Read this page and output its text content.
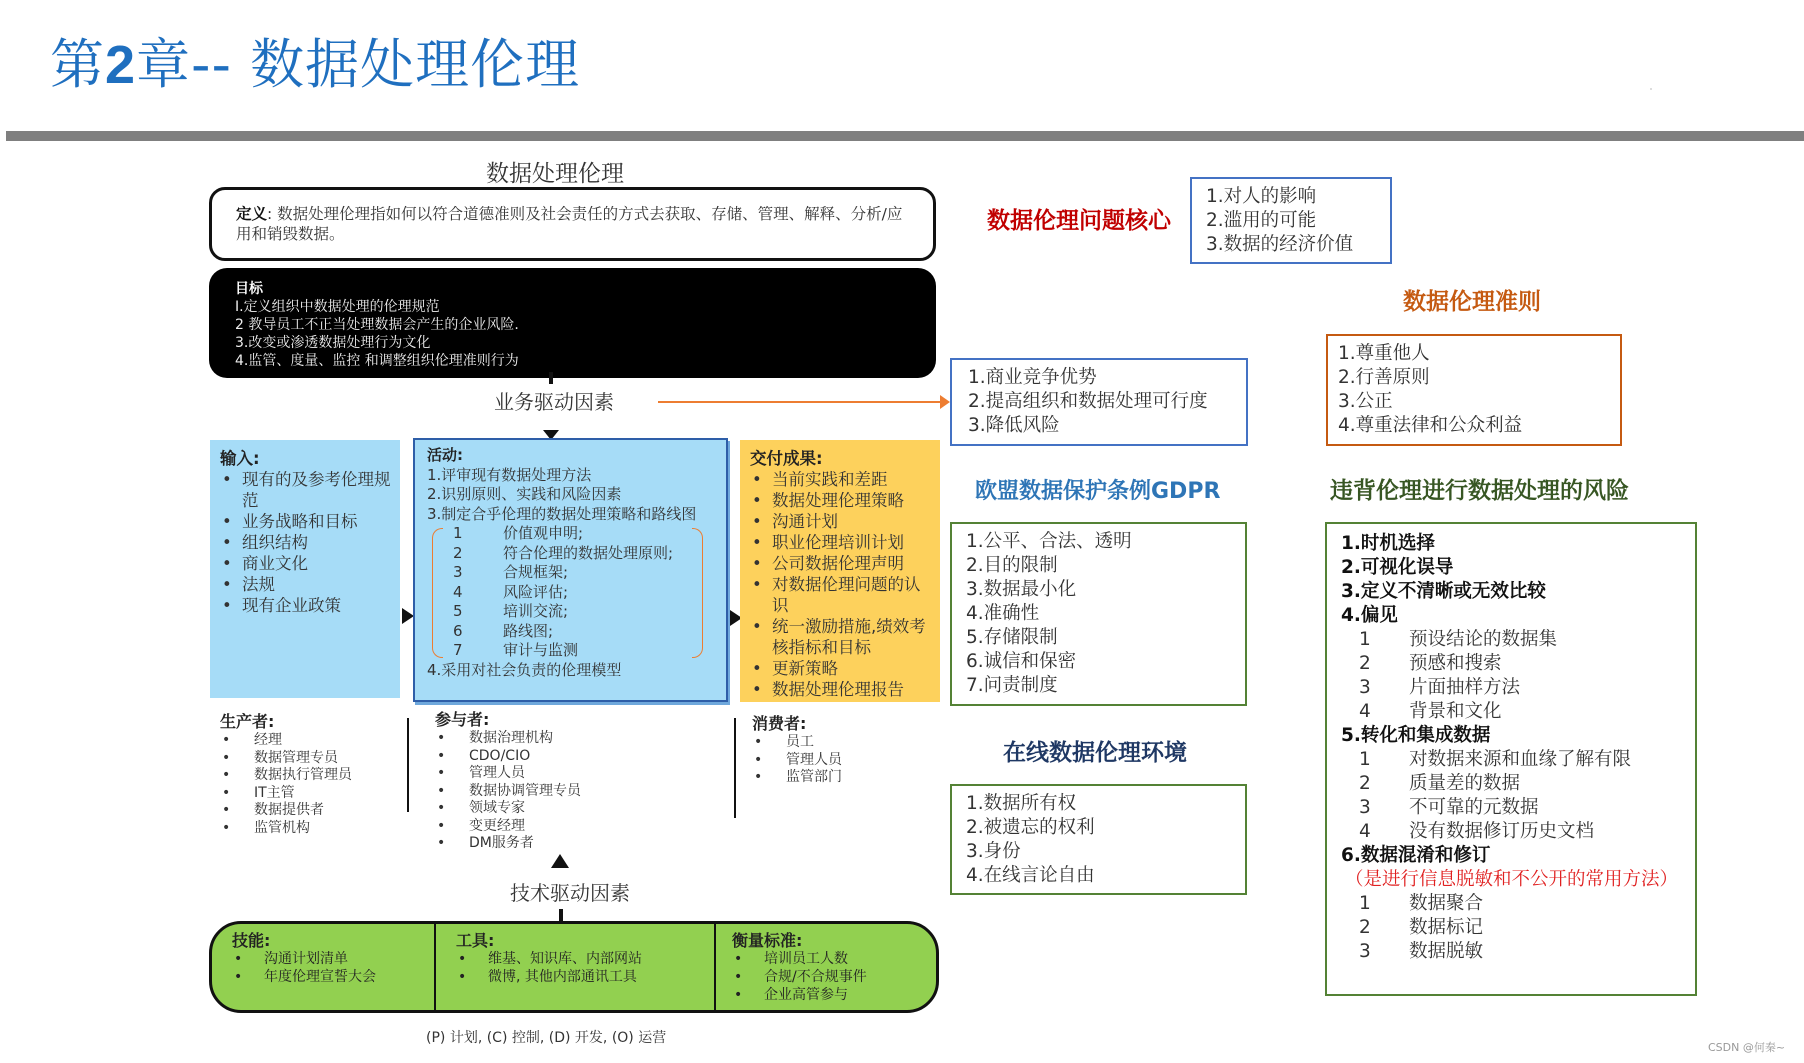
第2章-- 数据处理伦理
数据处理伦理
定义: 数据处理伦理指如何以符合道德准则及社会责任的方式去获取、存储、管理、解释、分析/应用和销毁数据。
目标
I.定义组织中数据处理的伦理规范
2 教导员工不正当处理数据会产生的企业风险.
3.改变或渗透数据处理行为文化
4.监管、度量、监控 和调整组织伦理准则行为
业务驱动因素
输入:
• 现有的及参考伦理规范
• 业务战略和目标
• 组织结构
• 商业文化
• 法规
• 现有企业政策
活动:
1.评审现有数据处理方法
2.识别原则、实践和风险因素
3.制定合乎伦理的数据处理策略和路线图
1	价值观申明;
2	符合伦理的数据处理原则;
3	合规框架;
4	风险评估;
5	培训交流;
6	路线图;
7	审计与监测
4.采用对社会负责的伦理模型
交付成果:
• 当前实践和差距
• 数据处理伦理策略
• 沟通计划
• 职业伦理培训计划
• 公司数据伦理声明
• 对数据伦理问题的认识
• 统一激励措施,绩效考核指标和目标
• 更新策略
• 数据处理伦理报告
生产者:
• 经理
• 数据管理专员
• 数据执行管理员
• IT主管
• 数据提供者
• 监管机构
参与者:
• 数据治理机构
• CDO/CIO
• 管理人员
• 数据协调管理专员
• 领域专家
• 变更经理
• DM服务者
消费者:
• 员工
• 管理人员
• 监管部门
技术驱动因素
技能:
• 沟通计划清单
• 年度伦理宣誓大会
工具:
• 维基、知识库、内部网站
• 微博, 其他内部通讯工具
衡量标准:
• 培训员工人数
• 合规/不合规事件
• 企业高管参与
(P) 计划, (C) 控制, (D) 开发, (O) 运营
数据伦理问题核心
1.对人的影响
2.滥用的可能
3.数据的经济价值
1.商业竞争优势
2.提高组织和数据处理可行度
3.降低风险
数据伦理准则
1.尊重他人
2.行善原则
3.公正
4.尊重法律和公众利益
欧盟数据保护条例GDPR
1.公平、合法、透明
2.目的限制
3.数据最小化
4.准确性
5.存储限制
6.诚信和保密
7.问责制度
在线数据伦理环境
1.数据所有权
2.被遗忘的权利
3.身份
4.在线言论自由
违背伦理进行数据处理的风险
1.时机选择
2.可视化误导
3.定义不清晰或无效比较
4.偏见
1 预设结论的数据集
2 预感和搜索
3 片面抽样方法
4 背景和文化
5.转化和集成数据
1 对数据来源和血缘了解有限
2 质量差的数据
3 不可靠的元数据
4 没有数据修订历史文档
6.数据混淆和修订
（是进行信息脱敏和不公开的常用方法）
1 数据聚合
2 数据标记
3 数据脱敏
CSDN @何秦~
